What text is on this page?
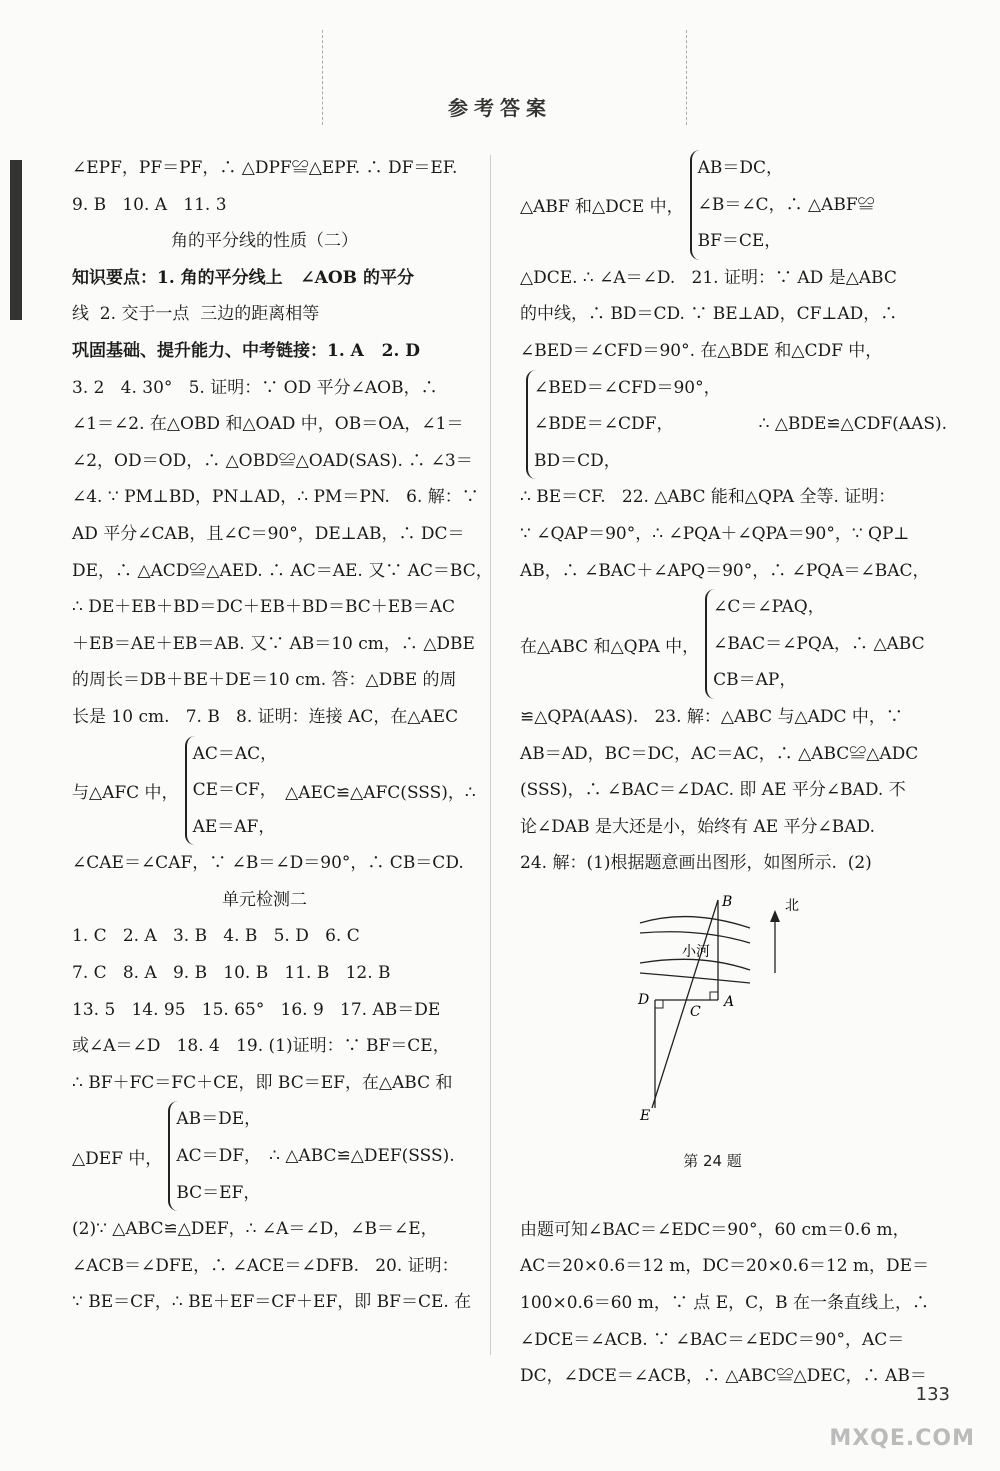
参考答案

∠EPF，PF＝PF，∴ △DPF≌△EPF. ∴ DF＝EF.

9. B   10. A   11. 3

角的平分线的性质（二）

知识要点：1. 角的平分线上   ∠AOB 的平分

线  2. 交于一点  三边的距离相等

巩固基础、提升能力、中考链接：1. A   2. D

3. 2   4. 30°   5. 证明：∵ OD 平分∠AOB，∴

∠1＝∠2. 在△OBD 和△OAD 中，OB＝OA，∠1＝

∠2，OD＝OD，∴ △OBD≌△OAD(SAS). ∴ ∠3＝

∠4. ∵ PM⊥BD，PN⊥AD，∴ PM＝PN.   6. 解：∵

AD 平分∠CAB，且∠C＝90°，DE⊥AB，∴ DC＝

DE，∴ △ACD≌△AED. ∴ AC＝AE. 又∵ AC＝BC，

∴ DE＋EB＋BD＝DC＋EB＋BD＝BC＋EB＝AC

＋EB＝AE＋EB＝AB. 又∵ AB＝10 cm，∴ △DBE

的周长＝DB＋BE＋DE＝10 cm. 答：△DBE 的周

长是 10 cm.   7. B   8. 证明：连接 AC，在△AEC

与△AFC 中，
AC＝AC，
CE＝CF，
AE＝AF，
△AEC≌△AFC(SSS)，∴

∠CAE＝∠CAF，∵ ∠B＝∠D＝90°，∴ CB＝CD.

单元检测二

1. C   2. A   3. B   4. B   5. D   6. C

7. C   8. A   9. B   10. B   11. B   12. B

13. 5   14. 95   15. 65°   16. 9   17. AB＝DE

或∠A＝∠D   18. 4   19. (1)证明：∵ BF＝CE，

∴ BF＋FC＝FC＋CE，即 BC＝EF，在△ABC 和

△DEF 中，
AB＝DE，
AC＝DF，
BC＝EF，
∴ △ABC≌△DEF(SSS).

(2)∵ △ABC≌△DEF，∴ ∠A＝∠D，∠B＝∠E，

∠ACB＝∠DFE，∴ ∠ACE＝∠DFB.   20. 证明：

∵ BE＝CF，∴ BE＋EF＝CF＋EF，即 BF＝CE. 在

△ABF 和△DCE 中，
AB＝DC，
∠B＝∠C，∴ △ABF≌
BF＝CE，

△DCE. ∴ ∠A＝∠D.   21. 证明：∵ AD 是△ABC

的中线，∴ BD＝CD. ∵ BE⊥AD，CF⊥AD，∴

∠BED＝∠CFD＝90°. 在△BDE 和△CDF 中，

∠BED＝∠CFD＝90°，
∠BDE＝∠CDF，
BD＝CD，
∴ △BDE≌△CDF(AAS).

∴ BE＝CF.   22. △ABC 能和△QPA 全等. 证明：

∵ ∠QAP＝90°，∴ ∠PQA＋∠QPA＝90°，∵ QP⊥

AB，∴ ∠BAC＋∠APQ＝90°，∴ ∠PQA＝∠BAC，

在△ABC 和△QPA 中，
∠C＝∠PAQ，
∠BAC＝∠PQA，∴ △ABC
CB＝AP，

≌△QPA(AAS).   23. 解：△ABC 与△ADC 中，∵

AB＝AD，BC＝DC，AC＝AC，∴ △ABC≌△ADC

(SSS)，∴ ∠BAC＝∠DAC. 即 AE 平分∠BAD. 不

论∠DAB 是大还是小，始终有 AE 平分∠BAD.

24. 解：(1)根据题意画出图形，如图所示.  (2)

由题可知∠BAC＝∠EDC＝90°，60 cm＝0.6 m，

AC＝20×0.6＝12 m，DC＝20×0.6＝12 m，DE＝

100×0.6＝60 m，∵ 点 E，C，B 在一条直线上，∴

∠DCE＝∠ACB. ∵ ∠BAC＝∠EDC＝90°，AC＝

DC，∠DCE＝∠ACB，∴ △ABC≌△DEC，∴ AB＝

B
A
C
D
E
小河
北
第 24 题
133
MXQE.COM
